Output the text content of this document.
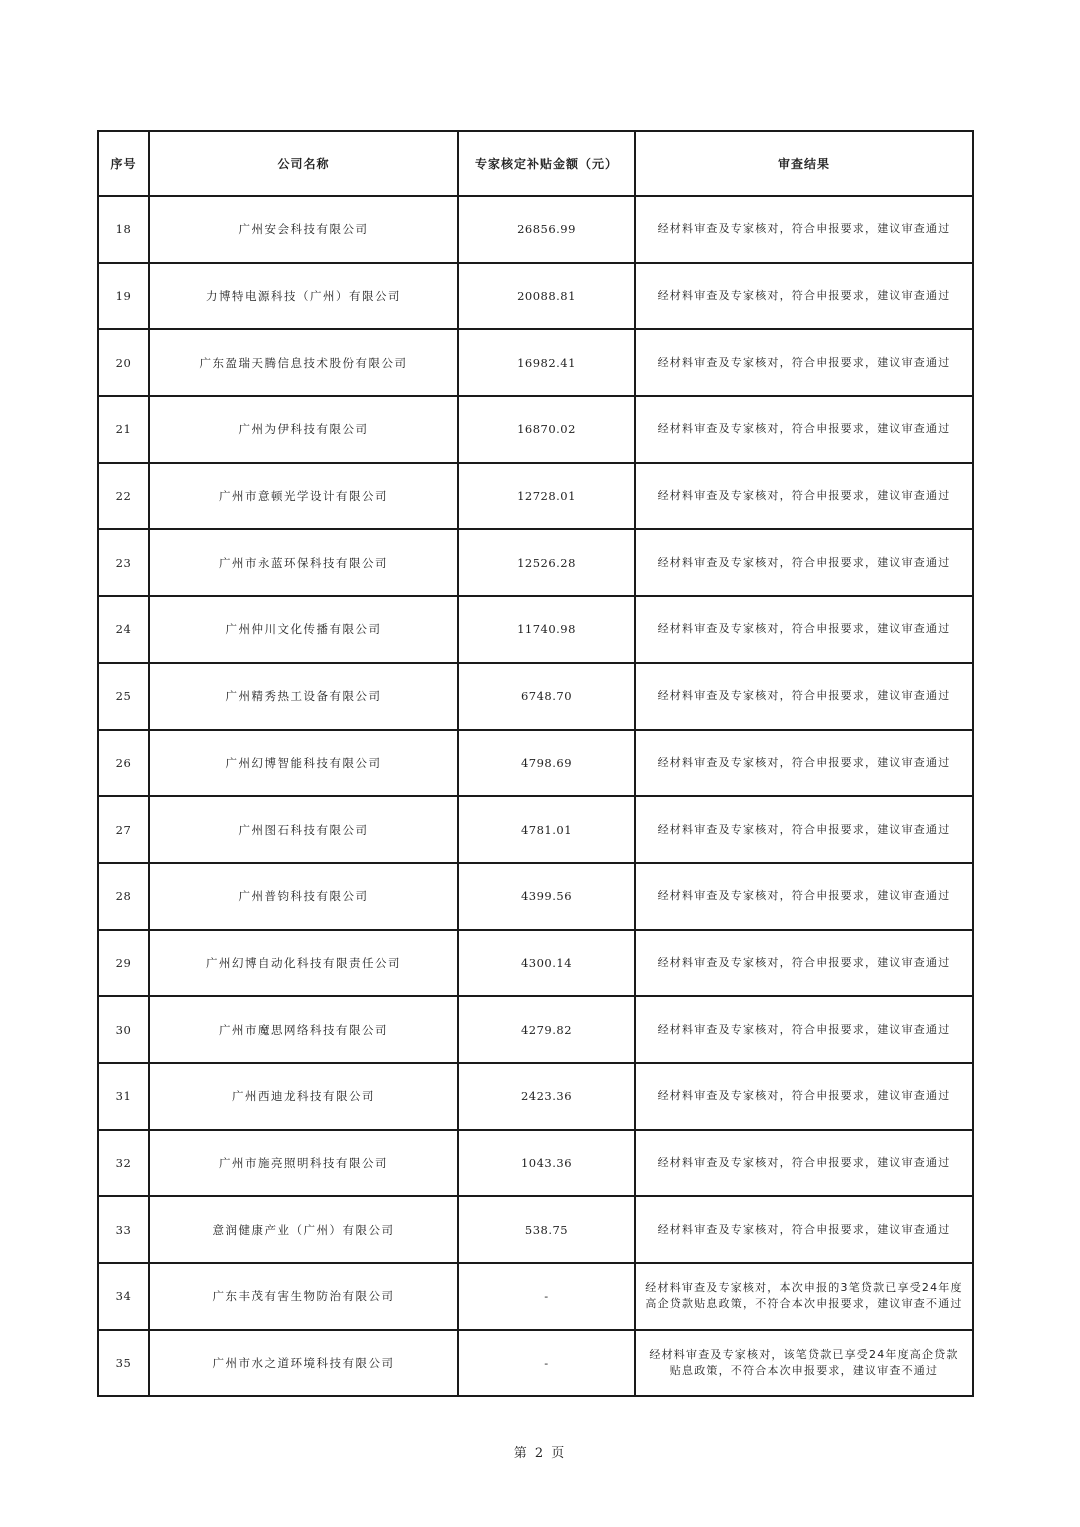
序号	公司名称	专家核定补贴金额（元）	审查结果
18	广州安会科技有限公司	26856.99	经材料审查及专家核对，符合申报要求，建议审查通过
19	力博特电源科技（广州）有限公司	20088.81	经材料审查及专家核对，符合申报要求，建议审查通过
20	广东盈瑞天腾信息技术股份有限公司	16982.41	经材料审查及专家核对，符合申报要求，建议审查通过
21	广州为伊科技有限公司	16870.02	经材料审查及专家核对，符合申报要求，建议审查通过
22	广州市意顿光学设计有限公司	12728.01	经材料审查及专家核对，符合申报要求，建议审查通过
23	广州市永蓝环保科技有限公司	12526.28	经材料审查及专家核对，符合申报要求，建议审查通过
24	广州仲川文化传播有限公司	11740.98	经材料审查及专家核对，符合申报要求，建议审查通过
25	广州精秀热工设备有限公司	6748.70	经材料审查及专家核对，符合申报要求，建议审查通过
26	广州幻博智能科技有限公司	4798.69	经材料审查及专家核对，符合申报要求，建议审查通过
27	广州图石科技有限公司	4781.01	经材料审查及专家核对，符合申报要求，建议审查通过
28	广州普钧科技有限公司	4399.56	经材料审查及专家核对，符合申报要求，建议审查通过
29	广州幻博自动化科技有限责任公司	4300.14	经材料审查及专家核对，符合申报要求，建议审查通过
30	广州市魔思网络科技有限公司	4279.82	经材料审查及专家核对，符合申报要求，建议审查通过
31	广州西迪龙科技有限公司	2423.36	经材料审查及专家核对，符合申报要求，建议审查通过
32	广州市施亮照明科技有限公司	1043.36	经材料审查及专家核对，符合申报要求，建议审查通过
33	意润健康产业（广州）有限公司	538.75	经材料审查及专家核对，符合申报要求，建议审查通过
34	广东丰茂有害生物防治有限公司	-	经材料审查及专家核对，本次申报的3笔贷款已享受24年度高企贷款贴息政策，不符合本次申报要求，建议审查不通过
35	广州市水之道环境科技有限公司	-	经材料审查及专家核对，该笔贷款已享受24年度高企贷款贴息政策，不符合本次申报要求，建议审查不通过
第 2 页
